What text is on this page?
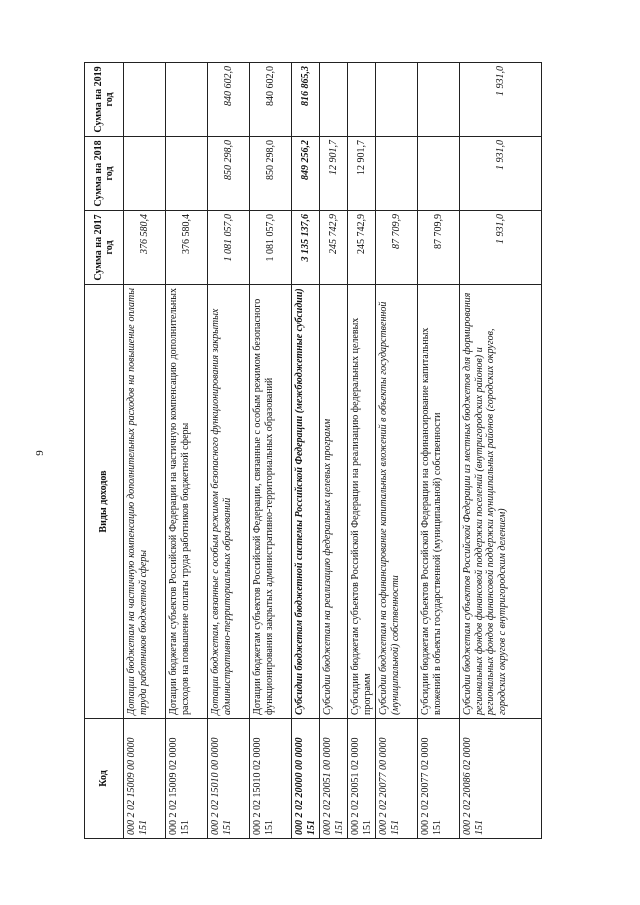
9
Код	Виды доходов	Сумма на 2017 год	Сумма на 2018 год	Сумма на 2019 год
000 2 02 15009 00 0000 151	Дотации бюджетам на частичную компенсацию дополнительных расходов на повышение оплаты труда работников бюджетной сферы	376 580,4		
000 2 02 15009 02 0000 151	Дотации бюджетам субъектов Российской Федерации на частичную компенсацию дополнительных расходов на повышение оплаты труда работников бюджетной сферы	376 580,4		
000 2 02 15010 00 0000 151	Дотации бюджетам, связанные с особым режимом безопасного функционирования закрытых административно-территориальных образований	1 081 057,0	850 298,0	840 602,0
000 2 02 15010 02 0000 151	Дотации бюджетам субъектов Российской Федерации, связанные с особым режимом безопасного функционирования закрытых административно-территориальных образований	1 081 057,0	850 298,0	840 602,0
000 2 02 20000 00 0000 151	Субсидии бюджетам бюджетной системы Российской Федерации (межбюджетные субсидии)	3 135 137,6	849 256,2	816 865,3
000 2 02 20051 00 0000 151	Субсидии бюджетам на реализацию федеральных целевых программ	245 742,9	12 901,7	
000 2 02 20051 02 0000 151	Субсидии бюджетам субъектов Российской Федерации на реализацию федеральных целевых программ	245 742,9	12 901,7	
000 2 02 20077 00 0000 151	Субсидии бюджетам на софинансирование капитальных вложений в объекты государственной (муниципальной) собственности	87 709,9		
000 2 02 20077 02 0000 151	Субсидии бюджетам субъектов Российской Федерации на софинансирование капитальных вложений в объекты государственной (муниципальной) собственности	87 709,9		
000 2 02 20086 02 0000 151	Субсидии бюджетам субъектов Российской Федерации из местных бюджетов для формирования региональных фондов финансовой поддержки поселений (внутригородских районов) и региональных фондов финансовой поддержки муниципальных районов (городских округов, городских округов с внутригородским делением)	1 931,0	1 931,0	1 931,0
